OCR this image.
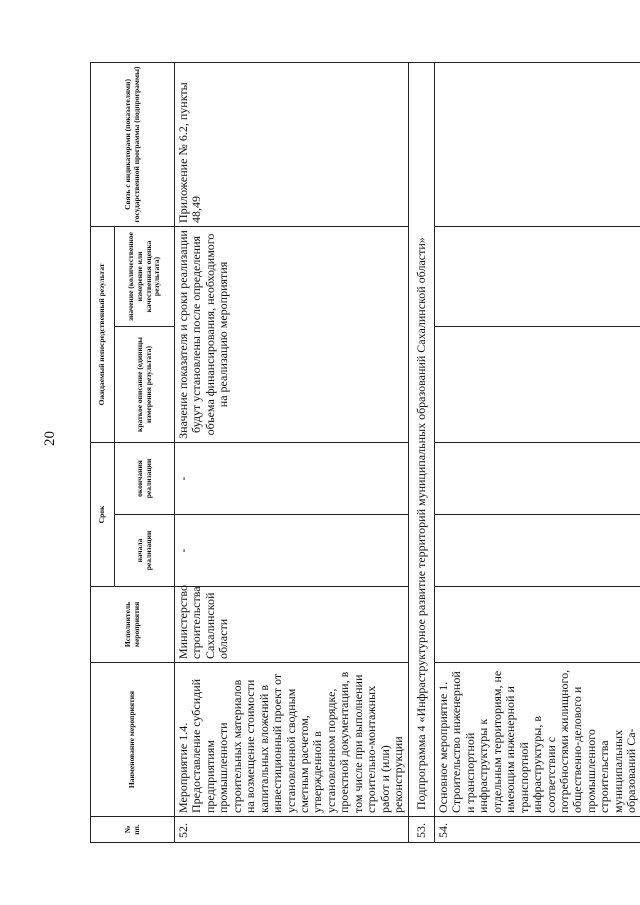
20
№ пп.	Наименование мероприятия	Исполнитель мероприятия	Срок		Ожидаемый непосредственный результат		Связь с индикаторами (показателями) государственной программы (подпрограммы)
			начала реализации	окончания реализации	краткое описание (единицы измерения результата)	значение (количественное измерение или качественная оценка результата)	
52.	Мероприятие 1.4. Предоставление субсидий предприятиям промышленности строительных материалов на возмещение стоимости капитальных вложений в инвестиционный проект от установленной сводным сметным расчетом, утвержденной в установленном порядке, проектной документации, в том числе при выполнении строительно-монтажных работ и (или) реконструкции	Министерство строительства Сахалинской области	-	-	Значение показателя и сроки реализации будут установлены после определения объема финансирования, необходимого на реализацию мероприятия		Приложение № 6.2, пункты 48,49
53.	Подпрограмма 4 «Инфраструктурное развитие территорий муниципальных образований Сахалинской области»						
54.	Основное мероприятие 1. Строительство инженерной и транспортной инфраструктуры к отдельным территориям, не имеющим инженерной и транспортной инфраструктуры, в соответствии с потребностями жилищного, общественно-делового и промышленного строительства муниципальных образований Са-						
